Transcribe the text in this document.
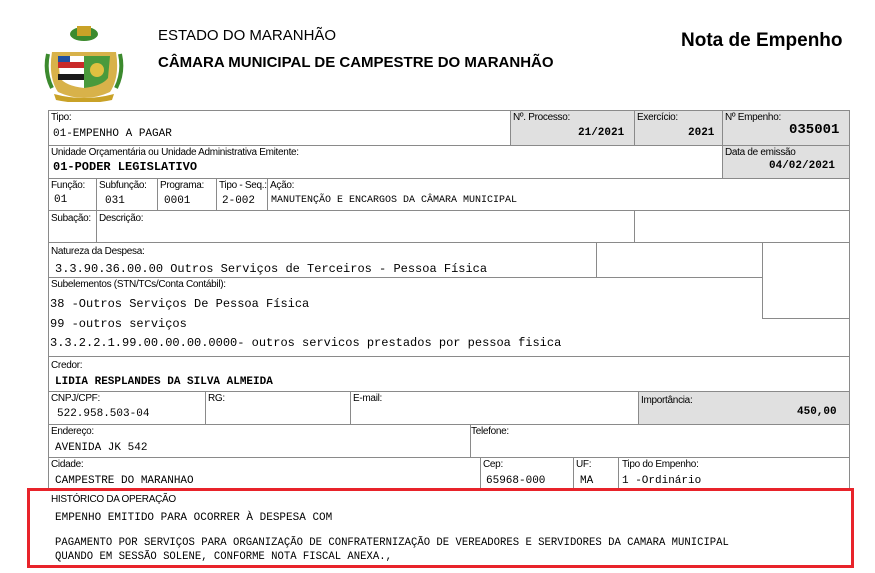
ESTADO DO MARANHÃO
CÂMARA MUNICIPAL DE CAMPESTRE DO MARANHÃO
Nota de Empenho
Tipo:
01-EMPENHO A PAGAR
Nº. Processo:
21/2021
Exercício:
2021
Nº Empenho:
035001
Unidade Orçamentária ou Unidade Administrativa Emitente:
01-PODER LEGISLATIVO
Data de emissão
04/02/2021
Função:
01
Subfunção:
031
Programa:
0001
Tipo - Seq.:
2-002
Ação:
MANUTENÇÃO E ENCARGOS DA CÂMARA MUNICIPAL
Subação: Descrição:
Natureza da Despesa:
3.3.90.36.00.00 Outros Serviços de Terceiros - Pessoa Física
Subelementos (STN/TCs/Conta Contábil):
38 -Outros Serviços De Pessoa Física
99 -outros serviços
3.3.2.2.1.99.00.00.00.0000- outros servicos prestados por pessoa fisica
Credor:
LIDIA RESPLANDES DA SILVA ALMEIDA
CNPJ/CPF:
522.958.503-04
RG:	E-mail:	Importância:
450,00
Endereço:
AVENIDA JK 542
Telefone:
Cidade:
CAMPESTRE DO MARANHAO
Cep:
65968-000
UF:
MA
Tipo do Empenho:
1 -Ordinário
HISTÓRICO DA OPERAÇÃO
EMPENHO EMITIDO PARA OCORRER À DESPESA COM
PAGAMENTO POR SERVIÇOS PARA ORGANIZAÇÃO DE CONFRATERNIZAÇÃO DE VEREADORES E SERVIDORES DA CAMARA MUNICIPAL
QUANDO EM SESSÃO SOLENE, CONFORME NOTA FISCAL ANEXA.,
